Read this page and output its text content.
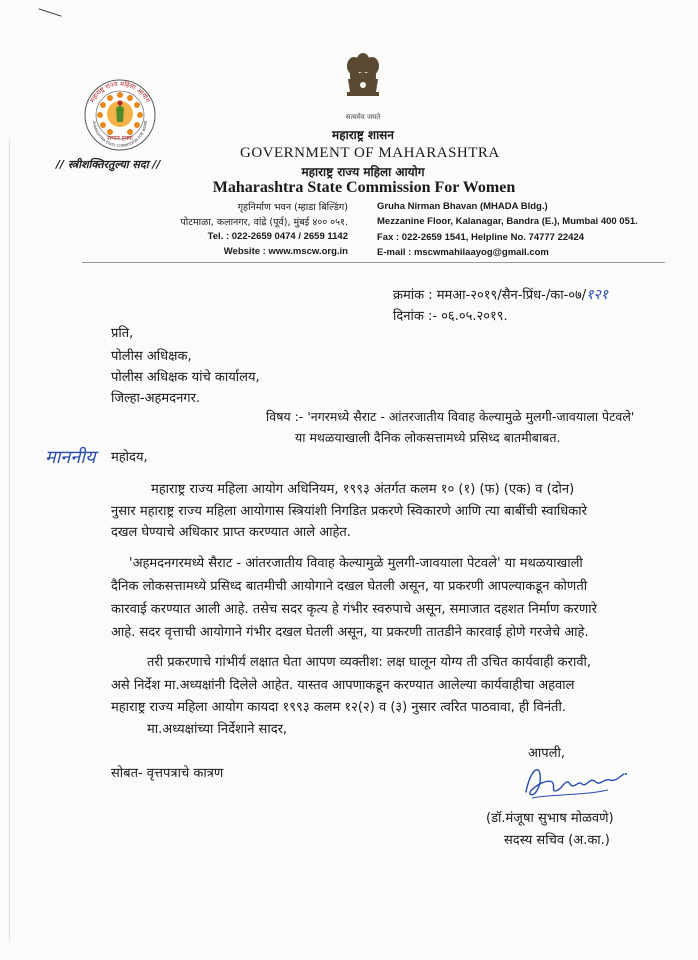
महाराष्ट्र राज्य महिला आयोग
AHARASHTRA STATE COMMISSION FOR WOME
समान हक्क
// स्त्रीशक्तिरतुल्या सदा //
सत्यमेव जयते
महाराष्ट्र शासन
GOVERNMENT OF MAHARASHTRA
महाराष्ट्र राज्य महिला आयोग
Maharashtra State Commission For Women
गृहनिर्माण भवन (म्हाडा बिल्डिंग)
पोटमाळा, कलानगर, वांद्रे (पूर्व), मुंबई ४०० ०५१.
Tel. : 022-2659 0474 / 2659 1142
Website : www.mscw.org.in
Gruha Nirman Bhavan (MHADA Bldg.)
Mezzanine Floor, Kalanagar, Bandra (E.), Mumbai 400 051.
Fax : 022-2659 1541, Helpline No. 74777 22424
E-mail : mscwmahilaayog@gmail.com
क्रमांक : ममआ-२०१९/सैन-प्रिंध-/का-०७/१२१
दिनांक :- ०६.०५.२०१९.
प्रति,
पोलीस अधिक्षक,
पोलीस अधिक्षक यांचे कार्यालय,
जिल्हा-अहमदनगर.
विषय :- 'नगरमध्ये सैराट - आंतरजातीय विवाह केल्यामुळे मुलगी-जावयाला पेटवले'
या मथळयाखाली दैनिक लोकसत्तामध्ये प्रसिध्द बातमीबाबत.
माननीय महोदय,
महाराष्ट्र राज्य महिला आयोग अधिनियम, १९९३ अंतर्गत कलम १० (१) (फ) (एक) व (दोन)
नुसार महाराष्ट्र राज्य महिला आयोगास स्त्रियांशी निगडित प्रकरणे स्विकारणे आणि त्या बाबींची स्वाधिकारे
दखल घेण्याचे अधिकार प्राप्त करण्यात आले आहेत.
'अहमदनगरमध्ये सैराट - आंतरजातीय विवाह केल्यामुळे मुलगी-जावयाला पेटवले' या मथळयाखाली
दैनिक लोकसत्तामध्ये प्रसिध्द बातमीची आयोगाने दखल घेतली असून, या प्रकरणी आपल्याकडून कोणती
कारवाई करण्यात आली आहे. तसेच सदर कृत्य हे गंभीर स्वरुपाचे असून, समाजात दहशत निर्माण करणारे
आहे. सदर वृत्ताची आयोगाने गंभीर दखल घेतली असून, या प्रकरणी तातडीने कारवाई होणे गरजेचे आहे.
तरी प्रकरणाचे गांभीर्य लक्षात घेता आपण व्यक्तीश: लक्ष घालून योग्य ती उचित कार्यवाही करावी,
असे निर्देश मा.अध्यक्षांनी दिलेले आहेत. यास्तव आपणाकडून करण्यात आलेल्या कार्यवाहीचा अहवाल
महाराष्ट्र राज्य महिला आयोग कायदा १९९३ कलम १२(२) व (३) नुसार त्वरित पाठवावा, ही विनंती.
मा.अध्यक्षांच्या निर्देशाने सादर,
आपली,
(डॉ.मंजूषा सुभाष मोळवणे)
सदस्य सचिव (अ.का.)
सोबत- वृत्तपत्राचे कात्रण
